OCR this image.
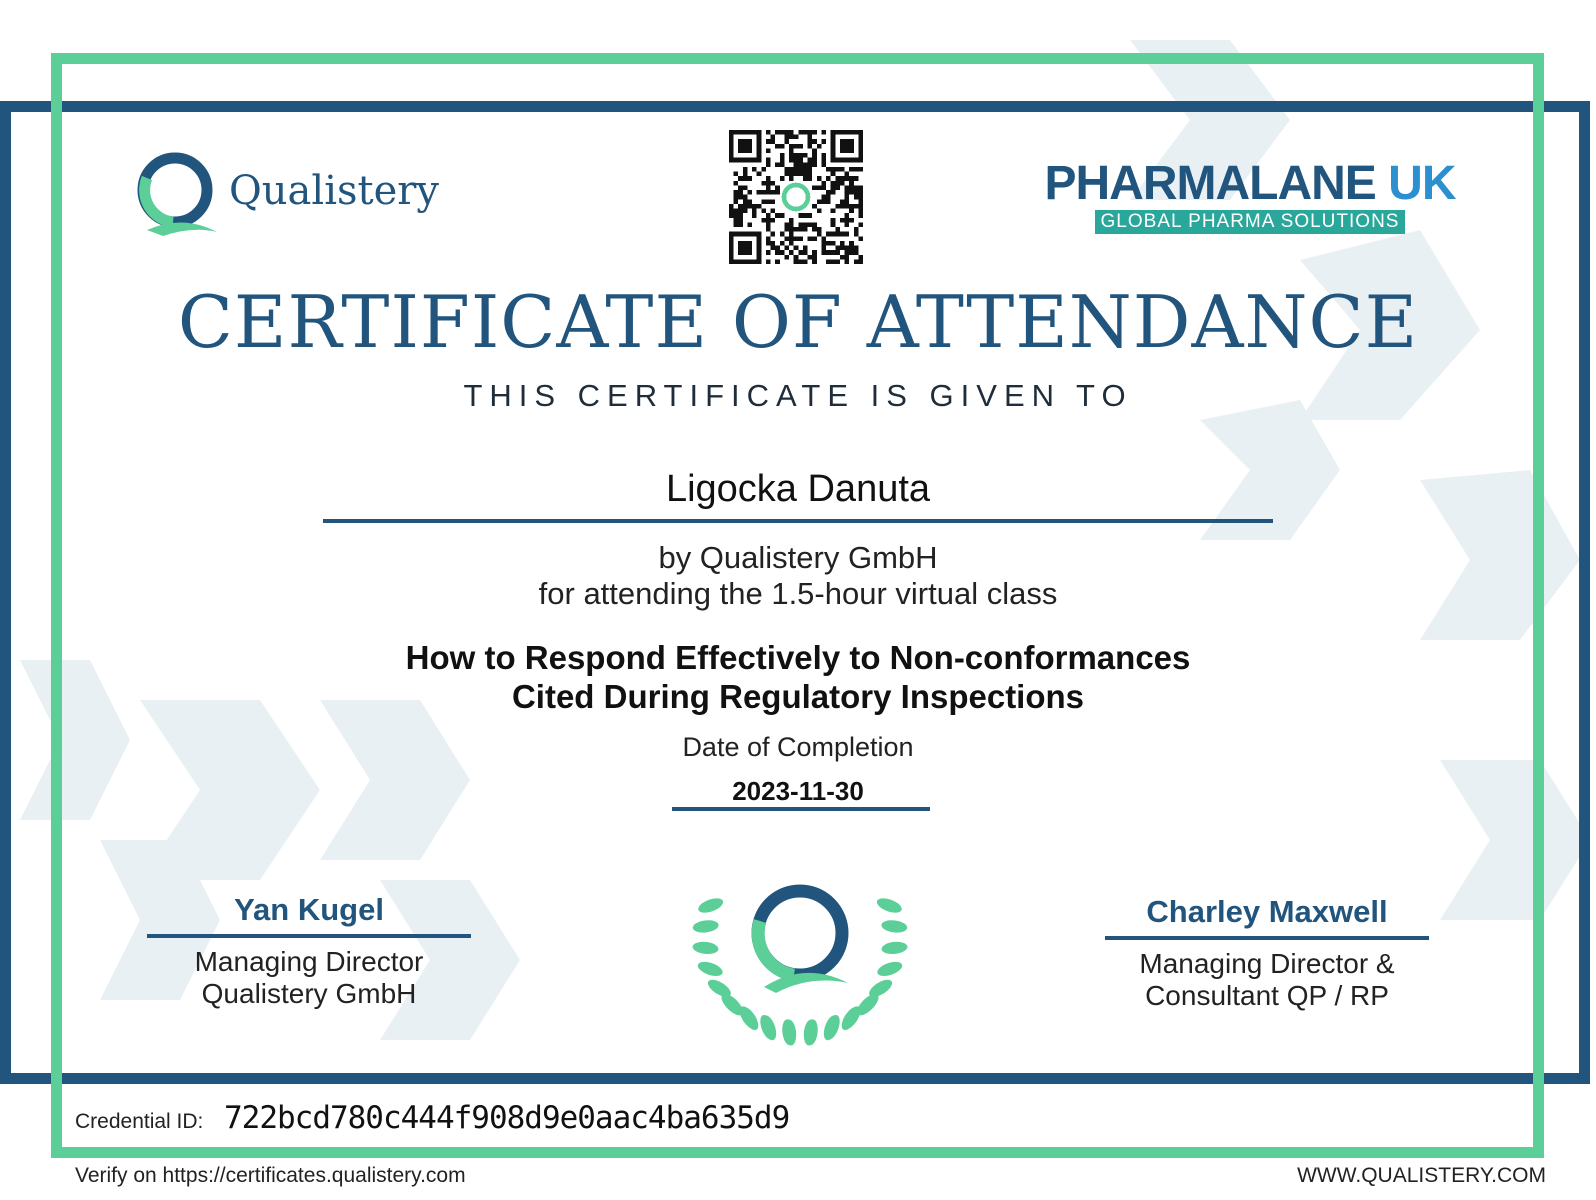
Qualistery	PHARMALANE UK
GLOBAL PHARMA SOLUTIONS
CERTIFICATE OF ATTENDANCE
THIS CERTIFICATE IS GIVEN TO
Ligocka Danuta
by Qualistery GmbH
for attending the 1.5-hour virtual class
How to Respond Effectively to Non-conformances
Cited During Regulatory Inspections
Date of Completion
2023-11-30
Yan Kugel
Managing Director
Qualistery GmbH
Charley Maxwell
Managing Director &
Consultant QP / RP
Credential ID: 722bcd780c444f908d9e0aac4ba635d9
Verify on https://certificates.qualistery.com	WWW.QUALISTERY.COM
